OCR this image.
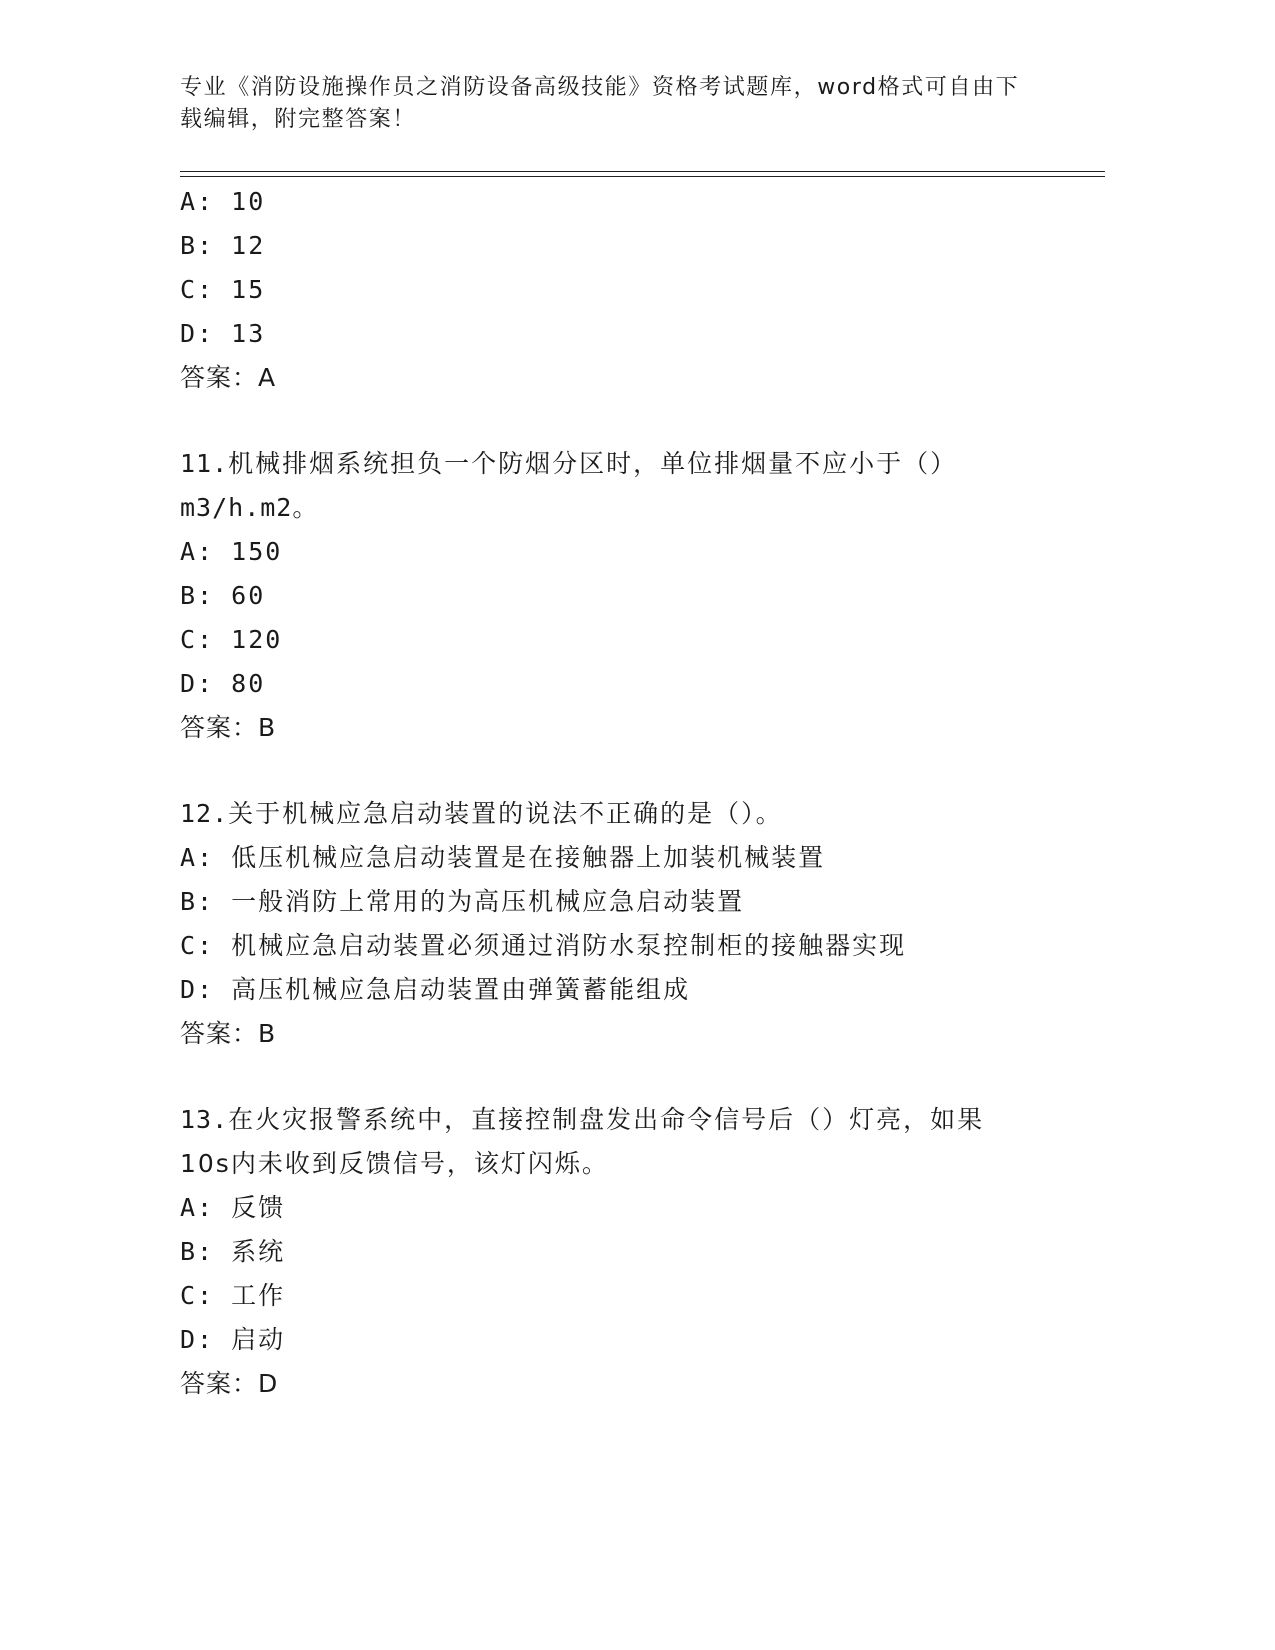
专业《消防设施操作员之消防设备高级技能》资格考试题库，word格式可自由下
载编辑，附完整答案！
A: 10
B: 12
C: 15
D: 13
答案：A
11.机械排烟系统担负一个防烟分区时，单位排烟量不应小于（）
m3/h.m2。
A: 150
B: 60
C: 120
D: 80
答案：B
12.关于机械应急启动装置的说法不正确的是（）。
A: 低压机械应急启动装置是在接触器上加装机械装置
B: 一般消防上常用的为高压机械应急启动装置
C: 机械应急启动装置必须通过消防水泵控制柜的接触器实现
D: 高压机械应急启动装置由弹簧蓄能组成
答案：B
13.在火灾报警系统中，直接控制盘发出命令信号后（）灯亮，如果
10s内未收到反馈信号，该灯闪烁。
A: 反馈
B: 系统
C: 工作
D: 启动
答案：D
